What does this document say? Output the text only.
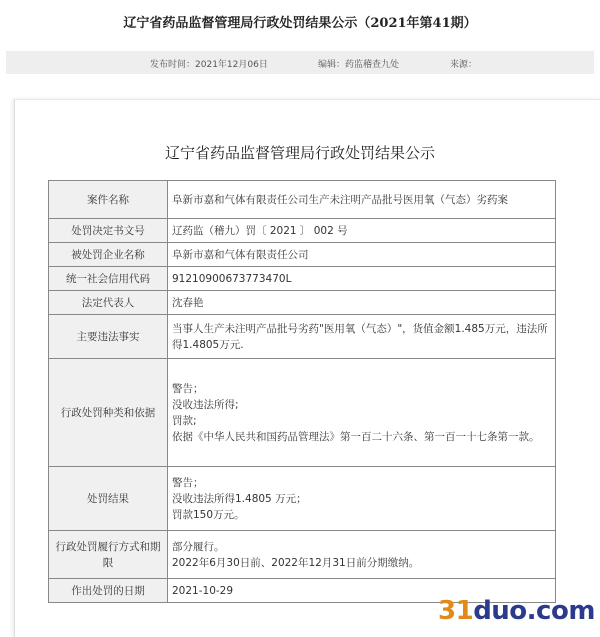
辽宁省药品监督管理局行政处罚结果公示（2021年第41期）
发布时间：2021年12月06日	编辑：药监稽查九处	来源：
辽宁省药品监督管理局行政处罚结果公示
案件名称	阜新市嘉和气体有限责任公司生产未注明产品批号医用氧（气态）劣药案
处罚决定书文号	辽药监（稽九）罚〔 2021 〕 002 号
被处罚企业名称	阜新市嘉和气体有限责任公司
统一社会信用代码	91210900673773470L
法定代表人	沈春艳
主要违法事实	当事人生产未注明产品批号劣药"医用氧（气态）"，货值金额1.485万元，违法所得1.4805万元.
行政处罚种类和依据	警告；
没收违法所得;
罚款;
依据《中华人民共和国药品管理法》第一百二十六条、第一百一十七条第一款。

处罚结果	警告；
没收违法所得1.4805 万元；
罚款150万元。

行政处罚履行方式和期限	部分履行。
2022年6月30日前、2022年12月31日前分期缴纳。

作出处罚的日期	2021-10-29
31duo.com
